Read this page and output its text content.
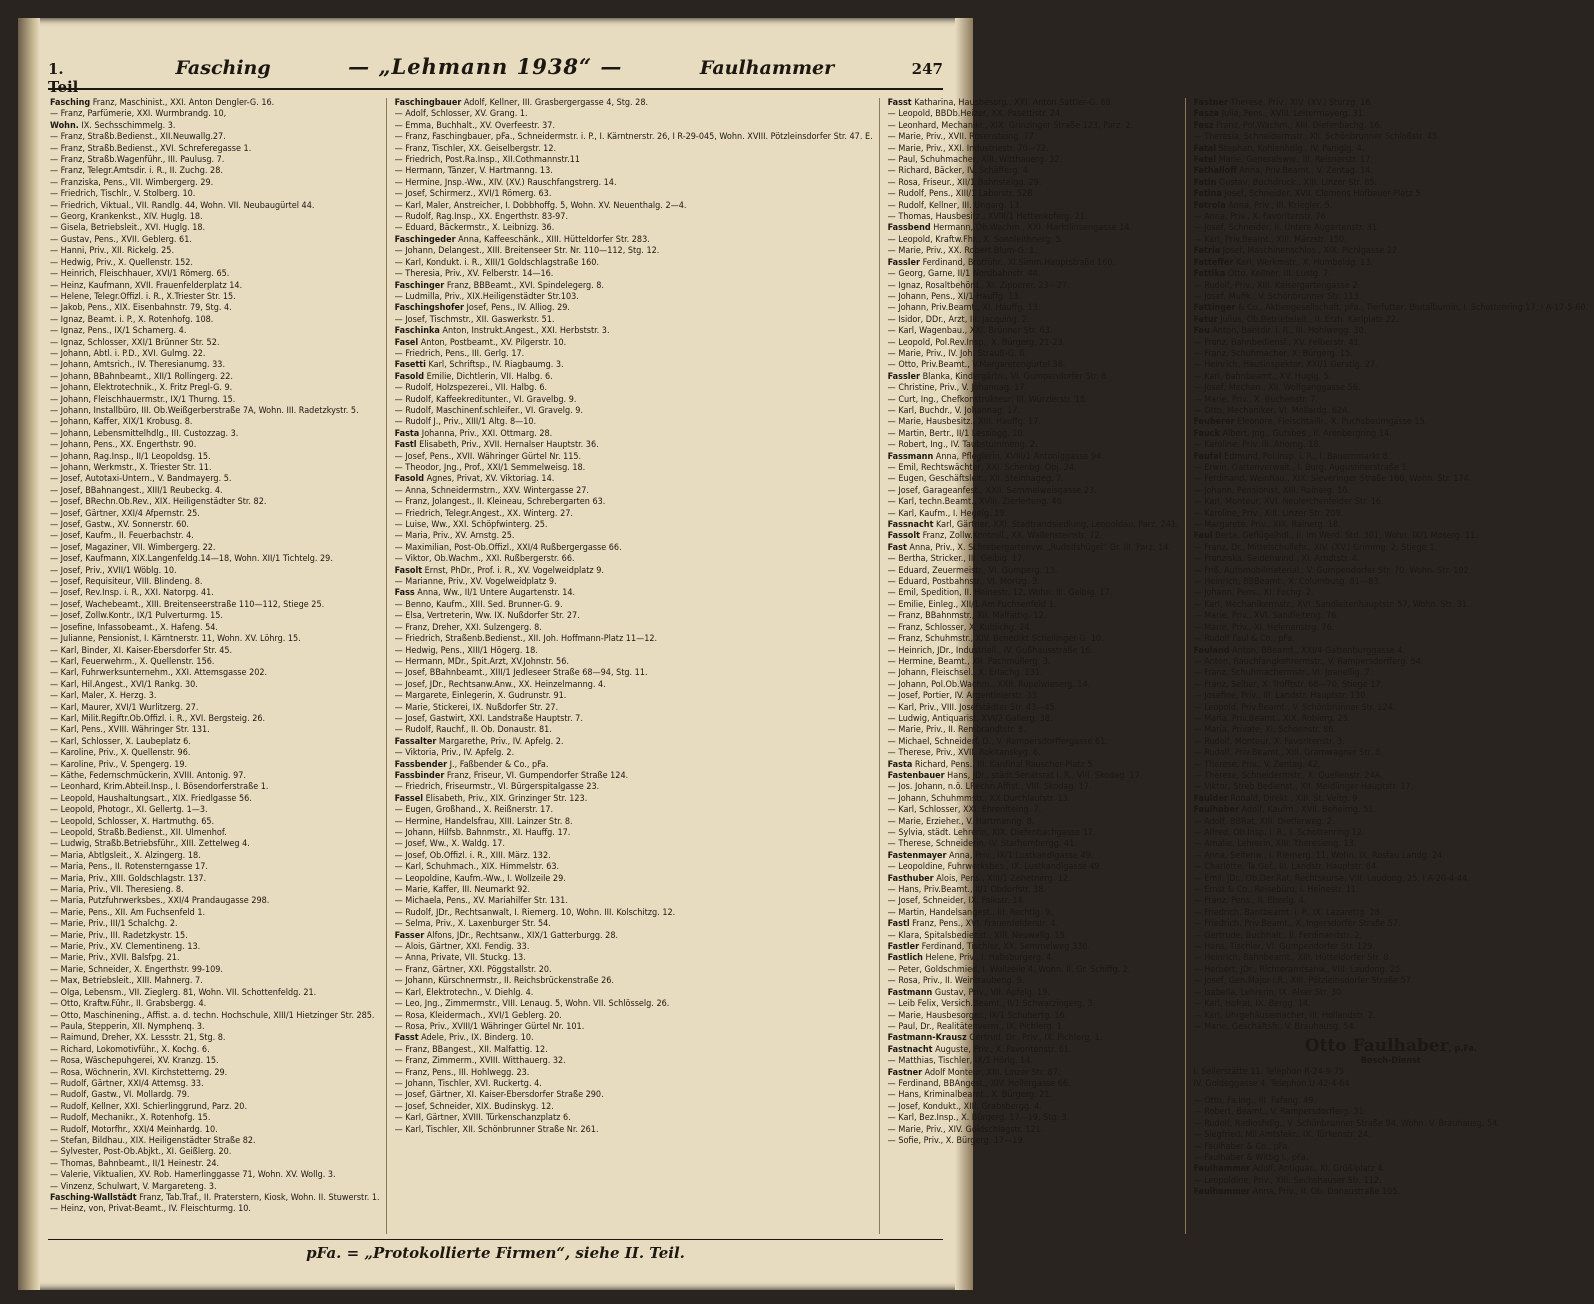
1. Teil
Fasching	— „Lehmann 1938“ —	Faulhammer	247

Fasching Franz, Maschinist., XXI. Anton Dengler-G. 16.

— Franz, Parfümerie, XXI. Wurmbrandg. 10,

Wohn. IX. Sechsschimmelg. 3.

— Franz, Straßb.Bedienst., XII.Neuwallg.27.

— Franz, Straßb.Bedienst., XVI. Schreferegasse 1.

— Franz, Straßb.Wagenführ., III. Paulusg. 7.

— Franz, Telegr.Amtsdir. i. R., II. Zuchg. 28.

— Franziska, Pens., VII. Wimbergerg. 29.

— Friedrich, Tischlr., V. Stolberg. 10.

— Friedrich, Viktual., VII. Randlg. 44, Wohn. VII. Neubaugürtel 44.

— Georg, Krankenkst., XIV. Huglg. 18.

— Gisela, Betriebsleit., XVI. Huglg. 18.

— Gustav, Pens., XVII. Geblerg. 61.

— Hanni, Priv., XII. Rickelg. 25.

— Hedwig, Priv., X. Quellenstr. 152.

— Heinrich, Fleischhauer, XVI/1 Römerg. 65.

— Heinz, Kaufmann, XVII. Frauenfelderplatz 14.

— Helene, Telegr.Offizl. i. R., X.Triester Str. 15.

— Jakob, Pens., XIX. Eisenbahnstr. 79, Stg. 4.

— Ignaz, Beamt. i. P., X. Rotenhofg. 108.

— Ignaz, Pens., IX/1 Schamerg. 4.

— Ignaz, Schlosser, XXI/1 Brünner Str. 52.

— Johann, Abtl. i. P.D., XVI. Gulmg. 22.

— Johann, Amtsrich., IV. Theresianumg. 33.

— Johann, BBahnbeamt., XII/1 Rollingerg. 22.

— Johann, Elektrotechnik., X. Fritz Pregl-G. 9.

— Johann, Fleischhauermstr., IX/1 Thurng. 15.

— Johann, Installbüro, III. Ob.Weißgerberstraße 7A, Wohn. III. Radetzkystr. 5.

— Johann, Kaffer, XIX/1 Krobusg. 8.

— Johann, Lebensmittelhdlg., III. Custozzag. 3.

— Johann, Pens., XX. Engerthstr. 90.

— Johann, Rag.Insp., II/1 Leopoldsg. 15.

— Johann, Werkmstr., X. Triester Str. 11.

— Josef, Autotaxi-Untern., V. Bandmayerg. 5.

— Josef, BBahnangest., XIII/1 Reubeckg. 4.

— Josef, BRechn.Ob.Rev., XIX. Heiligenstädter Str. 82.

— Josef, Gärtner, XXI/4 Afpernstr. 25.

— Josef, Gastw., XV. Sonnerstr. 60.

— Josef, Kaufm., II. Feuerbachstr. 4.

— Josef, Magaziner, VII. Wimbergerg. 22.

— Josef, Kaufmann, XIX.Langenfeldg.14—18, Wohn. XII/1 Tichtelg. 29.

— Josef, Priv., XVII/1 Wöblg. 10.

— Josef, Requisiteur, VIII. Blindeng. 8.

— Josef, Rev.Insp. i. R., XXI. Natorpg. 41.

— Josef, Wachebeamt., XIII. Breitenseerstraße 110—112, Stiege 25.

— Josef, Zollw.Kontr., IX/1 Pulverturmg. 15.

— Josefine, Infassobeamt., X. Hafeng. 54.

— Julianne, Pensionist, I. Kärntnerstr. 11, Wohn. XV. Löhrg. 15.

— Karl, Binder, XI. Kaiser-Ebersdorfer Str. 45.

— Karl, Feuerwehrm., X. Quellenstr. 156.

— Karl, Fuhrwerksunternehm., XXI. Attemsgasse 202.

— Karl, Hil.Angest., XVI/1 Rankg. 30.

— Karl, Maler, X. Herzg. 3.

— Karl, Maurer, XVI/1 Wurlitzerg. 27.

— Karl, Milit.Regiftr.Ob.Offizl. i. R., XVI. Bergsteig. 26.

— Karl, Pens., XVIII. Währinger Str. 131.

— Karl, Schlosser, X. Laubeplatz 6.

— Karoline, Priv., X. Quellenstr. 96.

— Karoline, Priv., V. Spengerg. 19.

— Käthe, Federnschmückerin, XVIII. Antonig. 97.

— Leonhard, Krim.Abteil.Insp., I. Bösendorferstraße 1.

— Leopold, Haushaltungsart., XIX. Friedlgasse 56.

— Leopold, Photogr., XI. Gellertg. 1—3.

— Leopold, Schlosser, X. Hartmuthg. 65.

— Leopold, Straßb.Bedienst., XII. Ulmenhof.

— Ludwig, Straßb.Betriebsführ., XIII. Zettelweg 4.

— Maria, Abtlgsleit., X. Alzingerg. 18.

— Maria, Pens., II. Rotensterngasse 17.

— Maria, Priv., XIII. Goldschlagstr. 137.

— Maria, Priv., VII. Theresieng. 8.

— Maria, Putzfuhrwerksbes., XXI/4 Prandaugasse 298.

— Marie, Pens., XII. Am Fuchsenfeld 1.

— Marie, Priv., III/1 Schalchg. 2.

— Marie, Priv., III. Radetzkystr. 15.

— Marie, Priv., XV. Clementineng. 13.

— Marie, Priv., XVII. Balsfpg. 21.

— Marie, Schneider, X. Engerthstr. 99-109.

— Max, Betriebsleit., XIII. Mahnerg. 7.

— Olga, Lebensm., VII. Zieglerg. 81, Wohn. VII. Schottenfeldg. 21.

— Otto, Kraftw.Führ., II. Grabsbergg. 4.

— Otto, Maschinening., Affist. a. d. techn. Hochschule, XIII/1 Hietzinger Str. 285.

— Paula, Stepperin, XII. Nymphenq. 3.

— Raimund, Dreher, XX. Lessstr. 21, Stg. 8.

— Richard, Lokomotivführ., X. Kochg. 6.

— Rosa, Wäschepuhgerei, XV. Kranzg. 15.

— Rosa, Wöchnerin, XVI. Kirchstetterng. 29.

— Rudolf, Gärtner, XXI/4 Attemsg. 33.

— Rudolf, Gastw., VI. Mollardg. 79.

— Rudolf, Kellner, XXI. Schierlinggrund, Parz. 20.

— Rudolf, Mechanikr., X. Rotenhofg. 15.

— Rudolf, Motorfhr., XXI/4 Meinhardg. 10.

— Stefan, Bildhau., XIX. Heiligenstädter Straße 82.

— Sylvester, Post-Ob.Abjkt., XI. Geißlerg. 20.

— Thomas, Bahnbeamt., II/1 Heinestr. 24.

— Valerie, Viktualien, XV. Rob. Hamerlinggasse 71, Wohn. XV. Wollg. 3.

— Vinzenz, Schulwart, V. Margareteng. 3.

Fasching-Wallstädt Franz, Tab.Traf., II. Praterstern, Kiosk, Wohn. II. Stuwerstr. 1.

— Heinz, von, Privat-Beamt., IV. Fleischturmg. 10.

Faschingbauer Adolf, Kellner, III. Grasbergergasse 4, Stg. 28.

— Adolf, Schlosser, XV. Grang. 1.

— Emma, Buchhalt., XV. Overfeestr. 37.

— Franz, Faschingbauer, pFa., Schneidermstr. i. P., I. Kärntnerstr. 26, I R-29-045, Wohn. XVIII. Pötzleinsdorfer Str. 47. E.

— Franz, Tischler, XX. Geiselbergstr. 12.

— Friedrich, Post.Ra.Insp., XII.Cothmannstr.11

— Hermann, Tänzer, V. Hartmanng. 13.

— Hermine, Jnsp.-Ww., XIV. (XV.) Rauschfangstrerg. 14.

— Josef, Schirmerz., XVI/1 Römerg. 63.

— Karl, Maler, Anstreicher, I. Dobbhoffg. 5, Wohn. XV. Neuenthalg. 2—4.

— Rudolf, Rag.Insp., XX. Engerthstr. 83-97.

— Eduard, Bäckermstr., X. Leibnizg. 36.

Faschingeder Anna, Kaffeeschänk., XIII. Hütteldorfer Str. 283.

— Johann, Delangest., XIII. Breitenseer Str. Nr. 110—112, Stg. 12.

— Karl, Kondukt. i. R., XIII/1 Goldschlagstraße 160.

— Theresia, Priv., XV. Felberstr. 14—16.

Faschinger Franz, BBBeamt., XVI. Spindelegerg. 8.

— Ludmilla, Priv., XIX.Heiligenstädter Str.103.

Faschingshofer Josef, Pens., IV. Alliog. 29.

— Josef, Tischmstr., XII. Gaswerkstr. 51.

Faschinka Anton, Instrukt.Angest., XXI. Herbststr. 3.

Fasel Anton, Postbeamt., XV. Pilgerstr. 10.

— Friedrich, Pens., III. Gerlg. 17.

Fasetti Karl, Schriftsp., IV. Riagbaumg. 3.

Fasold Emilie, Dichtlerin, VII. Halbg. 6.

— Rudolf, Holzspezerei., VII. Halbg. 6.

— Rudolf, Kaffeekreditunter., VI. Gravelbg. 9.

— Rudolf, Maschinenf.schleifer., VI. Gravelg. 9.

— Rudolf J., Priv., XIII/1 Altg. 8—10.

Fasta Johanna, Priv., XXI. Ottmarg. 28.

Fastl Elisabeth, Priv., XVII. Hernalser Hauptstr. 36.

— Josef, Pens., XVII. Währinger Gürtel Nr. 115.

— Theodor, Jng., Prof., XXI/1 Semmelweisg. 18.

Fasold Agnes, Privat, XV. Viktoriag. 14.

— Anna, Schneidermstrn., XXV. Wintergasse 27.

— Franz, Jolangest., II. Kleineau, Schrebergarten 63.

— Friedrich, Telegr.Angest., XX. Winterg. 27.

— Luise, Ww., XXI. Schöpfwinterg. 25.

— Maria, Priv., XV. Arnstg. 25.

— Maximilian, Post-Ob.Offizl., XXI/4 Rußbergergasse 66.

— Viktor, Ob.Wachm., XXI. Rußbergerstr. 66.

Fasolt Ernst, PhDr., Prof. i. R., XV. Vogelweidplatz 9.

— Marianne, Priv., XV. Vogelweidplatz 9.

Fass Anna, Ww., II/1 Untere Augartenstr. 14.

— Benno, Kaufm., XIII. Sed. Brunner-G. 9.

— Elsa, Vertreterin, Ww. IX. Nußdorfer Str. 27.

— Franz, Dreher, XXI. Sulzengerg. 8.

— Friedrich, Straßenb.Bedienst., XII. Joh. Hoffmann-Platz 11—12.

— Hedwig, Pens., XIII/1 Högerg. 18.

— Hermann, MDr., Spit.Arzt, XV.Johnstr. 56.

— Josef, BBahnbeamt., XIII/1 Jedleseer Straße 68—94, Stg. 11.

— Josef, JDr., Rechtsanw.Anw., XX. Heinzelmanng. 4.

— Margarete, Einlegerin, X. Gudrunstr. 91.

— Marie, Stickerei, IX. Nußdorfer Str. 27.

— Josef, Gastwirt, XXI. Landstraße Hauptstr. 7.

— Rudolf, Rauchf., II. Ob. Donaustr. 81.

Fassalter Margarethe, Priv., IV. Apfelg. 2.

— Viktoria, Priv., IV. Apfelg. 2.

Fassbender J., Faßbender & Co., pFa.

Fassbinder Franz, Friseur, VI. Gumpendorfer Straße 124.

— Friedrich, Friseurmstr., VI. Bürgerspitalgasse 23.

Fassel Elisabeth, Priv., XIX. Grinzinger Str. 123.

— Eugen, Großhand., X. Reißnerstr. 17.

— Hermine, Handelsfrau, XIII. Lainzer Str. 8.

— Johann, Hilfsb. Bahnmstr., XI. Hauffg. 17.

— Josef, Ww., X. Waldg. 17.

— Josef, Ob.Offizl. i. R., XIII. März. 132.

— Karl, Schuhmach., XIX. Himmelstr. 63.

— Leopoldine, Kaufm.-Ww., I. Wollzeile 29.

— Marie, Kaffer, III. Neumarkt 92.

— Michaela, Pens., XV. Mariahilfer Str. 131.

— Rudolf, JDr., Rechtsanwalt, I. Riemerg. 10, Wohn. III. Kolschitzg. 12.

— Selma, Priv., X. Laxenburger Str. 54.

Fasser Alfons, JDr., Rechtsanw., XIX/1 Gatterburgg. 28.

— Alois, Gärtner, XXI. Fendig. 33.

— Anna, Private, VII. Stuckg. 13.

— Franz, Gärtner, XXI. Pöggstallstr. 20.

— Johann, Kürschnermstr., II. Reichsbrückenstraße 26.

— Karl, Elektrotechn., V. Diehlg. 4.

— Leo, Jng., Zimmermstr., VIII. Lenaug. 5, Wohn. VII. Schlösselg. 26.

— Rosa, Kleidermach., XVI/1 Geblerg. 20.

— Rosa, Priv., XVIII/1 Währinger Gürtel Nr. 101.

Fasst Adele, Priv., IX. Binderg. 10.

— Franz, BBangest., XII. Malfattig. 12.

— Franz, Zimmerm., XVIII. Witthauerg. 32.

— Franz, Pens., III. Hohlwegg. 23.

— Johann, Tischler, XVI. Ruckertg. 4.

— Josef, Gärtner, XI. Kaiser-Ebersdorfer Straße 290.

— Josef, Schneider, XIX. Budinskyg. 12.

— Karl, Gärtner, XVIII. Türkenschanzplatz 6.

— Karl, Tischler, XII. Schönbrunner Straße Nr. 261.

Fasst Katharina, Hausbesorg., XXI. Anton Sattler-G. 68.

— Leopold, BBDb.Heizer, XX. Pasettistr. 24.

— Leonhard, Mechanikr., XIX. Grinzinger Straße 123, Parz. 2.

— Marie, Priv., XVII. Rosensteing. 77.

— Marie, Priv., XXI. Industriestr. 70—72.

— Paul, Schuhmacher, XIII. Witthauerg. 32.

— Richard, Bäcker, IV. Schäfferg. 4.

— Rosa, Friseur., XII/1 Bahnsteigg. 29.

— Rudolf, Pens., XIII/1 Laborstr. 52B.

— Rudolf, Kellner, III. Ungarg. 13.

— Thomas, Hausbesitz., XVIII/1 Hettenkoferg. 21.

Fassbend Hermann, Ob.Wachm., XXI. Marktlinsengasse 14.

— Leopold, Kraftw.Fhr., X. Sonnleithnerg. 5.

— Marie, Priv., XX. Robert Blum-G. 1.

Fassler Ferdinand, Brotführ., XI.Simm.Hauptstraße 160.

— Georg, Garne, II/1 Nordbahnstr. 44.

— Ignaz, Rosaltbehörd., XI. Zipperer. 23—27.

— Johann, Pens., XI/1 Hauffg. 13.

— Johann, Priv.Beamt., XI. Hauffg. 13.

— Isidor, DDr., Arzt, III. Jacquing. 2.

— Karl, Wagenbau., XXI. Brünner Str. 63.

— Leopold, Pol.Rev.Insp., X. Bürgerg. 21-23.

— Marie, Priv., IV. Joh. Strauß-G. 6.

— Otto, Priv.Beamt., V.Margaretengürtel 38.

Fassler Blanka, Kindergärtn., VI. Gumpendorfer Str. 8.

— Christine, Priv., V. Johannag. 17.

— Curt, Ing., Chefkonstrukteur, III. Würzlerstr. 18.

— Karl, Buchdr., V. Johannag. 17.

— Marie, Hausbesitz., XIII. Hauffg. 17.

— Martin, Bertr., II/1 Lessingg. 10.

— Robert, Ing., IV. Taubstummeng. 2.

Fassmann Anna, Pfleglerin, XVIII/1 Antoniggasse 94.

— Emil, Rechtswächter, XXI. Schenbg. Obj. 24.

— Eugen, Geschäftsleit., XII. Steinhageg. 7.

— Josef, Garageanfest., XXII. Semmelweisgasse 23.

— Karl, techn.Beamt., XVIII. Zierleiteng. 46.

— Karl, Kaufm., I. Hegelg. 19.

Fassnacht Karl, Gärtner, XXI. Stadtrandsiedlung, Leopoldau, Parz. 241.

Fassolt Franz, Zollw.Kontroll., XX. Wallensteinstr. 72.

Fast Anna, Priv., X. Schrebergartenvw. „Rudolfshügel“ Gr. III. Parz. 14.

— Bertha, Stricker., III. Geibig. 17.

— Eduard, Zeuermeistr., VI. Gumperg. 13.

— Eduard, Postbahnstr., VI. Morizg. 3.

— Emil, Spedition, II. Heinestr. 12, Wohn. III. Geibig. 17.

— Emilie, Einleg., XII/1 Am Fuchsenfeld 1.

— Franz, BBahnmstr., XII. Malfattig. 12.

— Franz, Schlosser, X. Kublichg. 24.

— Franz, Schuhmstr., XIV. Benedikt Schellinger-G. 10.

— Heinrich, JDr., Industriell., IV. Gußhausstraße 16.

— Hermine, Beamt., XII. Pachmüllerg. 3.

— Johann, Fleischsel., X. Erlachg. 131.

— Johann, Pol.Ob.Wachm., XXII. Rupelwieserg. 14.

— Josef, Portier, IV. Argentinierstr. 33.

— Karl, Priv., VIII. Josefstädter Str. 43—45.

— Ludwig, Antiquarist, XVI/2 Gallerg. 38.

— Marie, Priv., II. Rembrandtstr. 8.

— Michael, Schneiderf. D., V. Rampersdorffergasse 61.

— Therese, Priv., XVII. Rokitanskyg. 6.

Fasta Richard, Pens., III. Kardinal Rauscher-Platz 5.

Fastenbauer Hans, JDr., städt.Senatsrat i. R., VIII. Skodag. 17.

— Jos. Johann, n.ö. LRechn.Affist., VIII. Skodag. 17.

— Johann, Schuhmmstr., XX.Durchlaufstr. 13.

— Karl, Schlosser, XXI. Ehrenfteing. 7.

— Marie, Erzieher., V. Hartmanng. 8.

— Sylvia, städt. Lehrerin, XIX. Diefenbachgasse 17.

— Therese, Schneiderin, IV. Starhembergg. 41.

Fastenmayer Anna, Priv., IX/1 Lustkandlgasse 49.

— Leopoldine, Fuhrwerksbes., IX. Lustkandlgasse 49.

Fasthuber Alois, Pens., XIII/1 Zehetnerg. 12.

— Hans, Priv.Beamt., II/1 Obdorfstr. 38.

— Josef, Schneider, IX. Falkstr. 14.

— Martin, Handelsangest., III. Rechtlg. 9.

Fastl Franz, Pens., XVI. Frauenfelderstr. 4.

— Klara, Spitalsbedienst., XIII. Neuwallg. 15.

Fastler Ferdinand, Tischler, XX. Semmelweg 336.

Fastlich Helene, Priv., I. Habsburgerg. 4.

— Peter, Goldschmied, I. Wollzeile 4, Wohn. II. Gr. Schiffg. 2.

— Rosa, Priv., II. Weintraubeng. 9.

Fastmann Gustav, Priv., VII. Apfelg. 19.

— Leib Felix, Versich.Beamt., II/1 Schwarzingerg. 3.

— Marie, Hausbesorger., IX/1 Schubertg. 16.

— Paul, Dr., Realitätenverm., IX. Pichlerg. 1.

Fastmann-Krausz Gertrud, Dr., Priv., IX. Pichlerg. 1.

Fastnacht Auguste, Priv., X. Favoritenstr. 61.

— Matthias, Tischler, IX/1 Hörlg. 14.

Fastner Adolf Monteur, XIII. Linzer Str. 87.

— Ferdinand, BBAngest., XIV. Hollergasse 66.

— Hans, Kriminalbeamt., X. Bürgerg. 21.

— Josef, Kondukt., XIII. Grabsbergg. 4.

— Karl, Bez.Insp., X. Bürgerg. 17—19, Stg. 3.

— Marie, Priv., XIV. Goldschlagstr. 121.

— Sofie, Priv., X. Bürgerg. 17—19.

Fastner Therese, Priv., XIV. (XV.) Sturzg. 16.

Fasza Julia, Pens., XVIII. Leitermayerg. 31.

Fasz Franz, Pol.Wachm., XIII. Diefenbachg. 16.

— Theresia, Schneidermstr., XII. Schönbrunner Schloßstr. 45.

Fatal Stephan, Kohlenhdlg., IV. Paniglg. 4.

Fatel Marie, Generalsww., III. Reisnerstr. 17.

Fathalloff Anna, Priv.Beamt., V. Zentag. 14.

Fatin Gustav, Buchdruck., XIII. Linzer Str. 85.

Fatina Josef, Schneider, XVII. Clemens Hofbauer-Platz 5.

Fatrola Anna, Priv., III. Kriegler. 5.

— Anna, Priv., X. Favoritenstr. 76.

— Josef, Schneider, II. Untere Augartenstr. 31.

— Karl, Priv.Beamt., XIII. Märzstr. 150.

Fatria Josef, Maschinenschlos., XIX. Pichlgasse 22.

Fatteffer Karl, Werkmstr., X. Humboldg. 13.

Fattika Otto, Kellner, III. Lustg. 7.

— Rudolf, Priv., XIII. Kaisergartengasse 2.

— Josef, Mufik., V. Schönbrunner Str. 113.

Fattinger & Co., Aktiengesellschaft, pFa., Tierfutter, Blutalbumin, I. Schottenring 17, I A-17-5-60.

Fatur Julius, Ob.Betriebsleit., II. Erzh. Karlplatz 22.

Fau Anton, Bantdir. i. R., III. Hohlwegg. 30.

— Franz, Bahnbediensf., XV. Felberstr. 41.

— Franz, Schuhmacher, X. Bürgerg. 15.

— Heinrich, Hausinspektor, XXI/1 Gerstlg. 27.

— Karl, Bahnbeamt., XV. Huglg. 5.

— Josef, Mechan., XII. Wolfganggasse 56.

— Marie, Priv., X. Buchenstr. 7.

— Otto, Mechaniker, VI. Mollardg. 62A.

Fauberer Eleonore, Fleischtaillr., X. Puchsbaumgasse 15.

Fauck Albert, Jng., Gutsbes., II. Arenbergring 14.

— Karoline, Priv. III. Ahorng. 18.

Faufal Edmund, Pol.Insp. i. R., I. Bauernmarkt 8.

— Erwin, Gartenverwalt., I. Burg, Augustinerstraße 1.

— Ferdinand, Weinhau., XIX. Sieveringer Straße 166, Wohn. Str. 174.

— Johann, Pensionist, XIII. Rainerg. 16.

— Karl, Monteur, XVI. Neulerchenfelder Str. 16.

— Karoline, Priv., XIII. Linzer Str. 209.

— Margarete, Priv., XIX. Rainerg. 18.

Faul Berta, Geflügelhdl., II. Im Werd. Std. 301, Wohn. IX/1 Moserg. 11.

— Franz, Dr., Mittelschullehr., XIV. (XV.) Grimmg. 2, Stiege 1.

— Franziska, Seidenwind., XI. Arndtstr. 4.

— Friß, Automobilmaterial., V. Gumpendorfer Str. 70. Wohn. Str. 102.

— Heinrich, BBBeamt., X. Columbusg. 81—83.

— Johann, Pens., XI. Fochg. 2.

— Karl, Mechanikermstr., XVI. Sandleitenhauptstr. 57, Wohn. Str. 31.

— Marie, Priv., XVI. Sandleiteng. 76.

— Marie, Priv., XI. Helenenstrg. 76.

— Rudolf Faul & Co., pFa.

Fauland Anton, BBeamt., XXI/4 Gattenburggasse 4.

— Anton, Rauchfangkehrermstr., V. Rampersdorfferg. 54.

— Franz, Schuhmachermstr., VI. Joanellig. 7.

— Franz, Selber, X. Trofftstr. 68—70, Stiege 17.

— Josefine, Priv., III. Landstr. Hauptstr. 130.

— Leopold, Priv.Beamt., V. Schönbrunner Str. 124.

— Maria, Priv.Beamt., XIX. Roblerg. 25.

— Maria, Private, XI. Schoenstr. 86.

— Rudolf, Monteur, X. Favoritenstr. 3.

— Rudolf, Priv.Beamt., XIII. Gramwagner Str. 8.

— Therese, Priv., V. Zentag. 42.

— Therese, Schneidermstr., X. Quellenstr. 24A.

— Viktor, Streb.Bedienst., XII. Meidlinger Hauptstr. 17.

Faulder Ronald, Direkt., XIII. St. Veitg. 9.

Faulhaber Adolf, Kaufm., XVII. Beheimg. 51.

— Adolf, BBRat, XIII. Dietlerweg. 2.

— Alfred, Ob.Insp. i. R., I. Schottenring 12.

— Amalie, Lehrerin, XIII. Theresieng. 13.

— Anna, Seifenw., I. Riemerg. 11, Wohn. IX. Rosfau Landg. 24.

— Charlotte, Ta.Gef., III. Landstr. Hauptstr. 64.

— Emil, JDr., Ob.Der.Rat, Rechtskurse, VIII. Laudong. 25, I A-20-4-44.

— Ernst & Co., Reisebüro, I. Heinestr. 11.

— Franz, Pens., II. Eberlg. 4.

— Friedrich, Bantbeamt. i. P., IX. Lazarettg. 28.

— Friedrich, Priv.Beamt., X. Ingersdorfer Straße 57.

— Gertrude, Buchhalt., II. Ferdinandstr. 2.

— Hans, Tischler, VI. Gumpendorfer Str. 129.

— Heinrich, Bahnbeamt., XIII. Hütteldorfer Str. 8.

— Herbert, JDr., Richteramtsanw., VIII. Laudong. 25.

— Josef, Gen.Major i.R., XIII. Pötzleinsdorfer Straße 57.

— Isabella, Lehrerin, IX. Alser Str. 30.

— Karl, Hofrat, IX. Bergg. 14.

— Karl, Uhrgehäusemacher, III. Hollandstr. 2.

— Marie, Geschäftsfr., V. Brauhausg. 54.

Otto Faulhaber, p.Fa.
Bosch-Dienst
I. Seilerstätte 11. Telephon R-24-9-75
IV. Goldeggasse 4. Telephon U-42-4-64

— Otto, Fa.Ing., III. Fafang. 49.

— Robert, Beamt., V. Rampersdorfferg. 31.

— Rudolf, Radioshdlg., V. Schönbrunner Straße 94, Wohn. V. Brauhausg. 54.

— Siegfried, Mil.Amtsfekr., IX. Türkenstr. 24.

— Faulhaber & Co., pFa.

— Faulhaber & Wittig I., pFa.

Faulhammer Adolf, Antiquar., XI. Grüßlplatz 4.

— Leopoldine, Priv., XIII. Sechshauser Str. 112.

Faulhammer Anna, Priv., II. Ob. Donaustraße 105.

pFa. = „Protokollierte Firmen“, siehe II. Teil.
